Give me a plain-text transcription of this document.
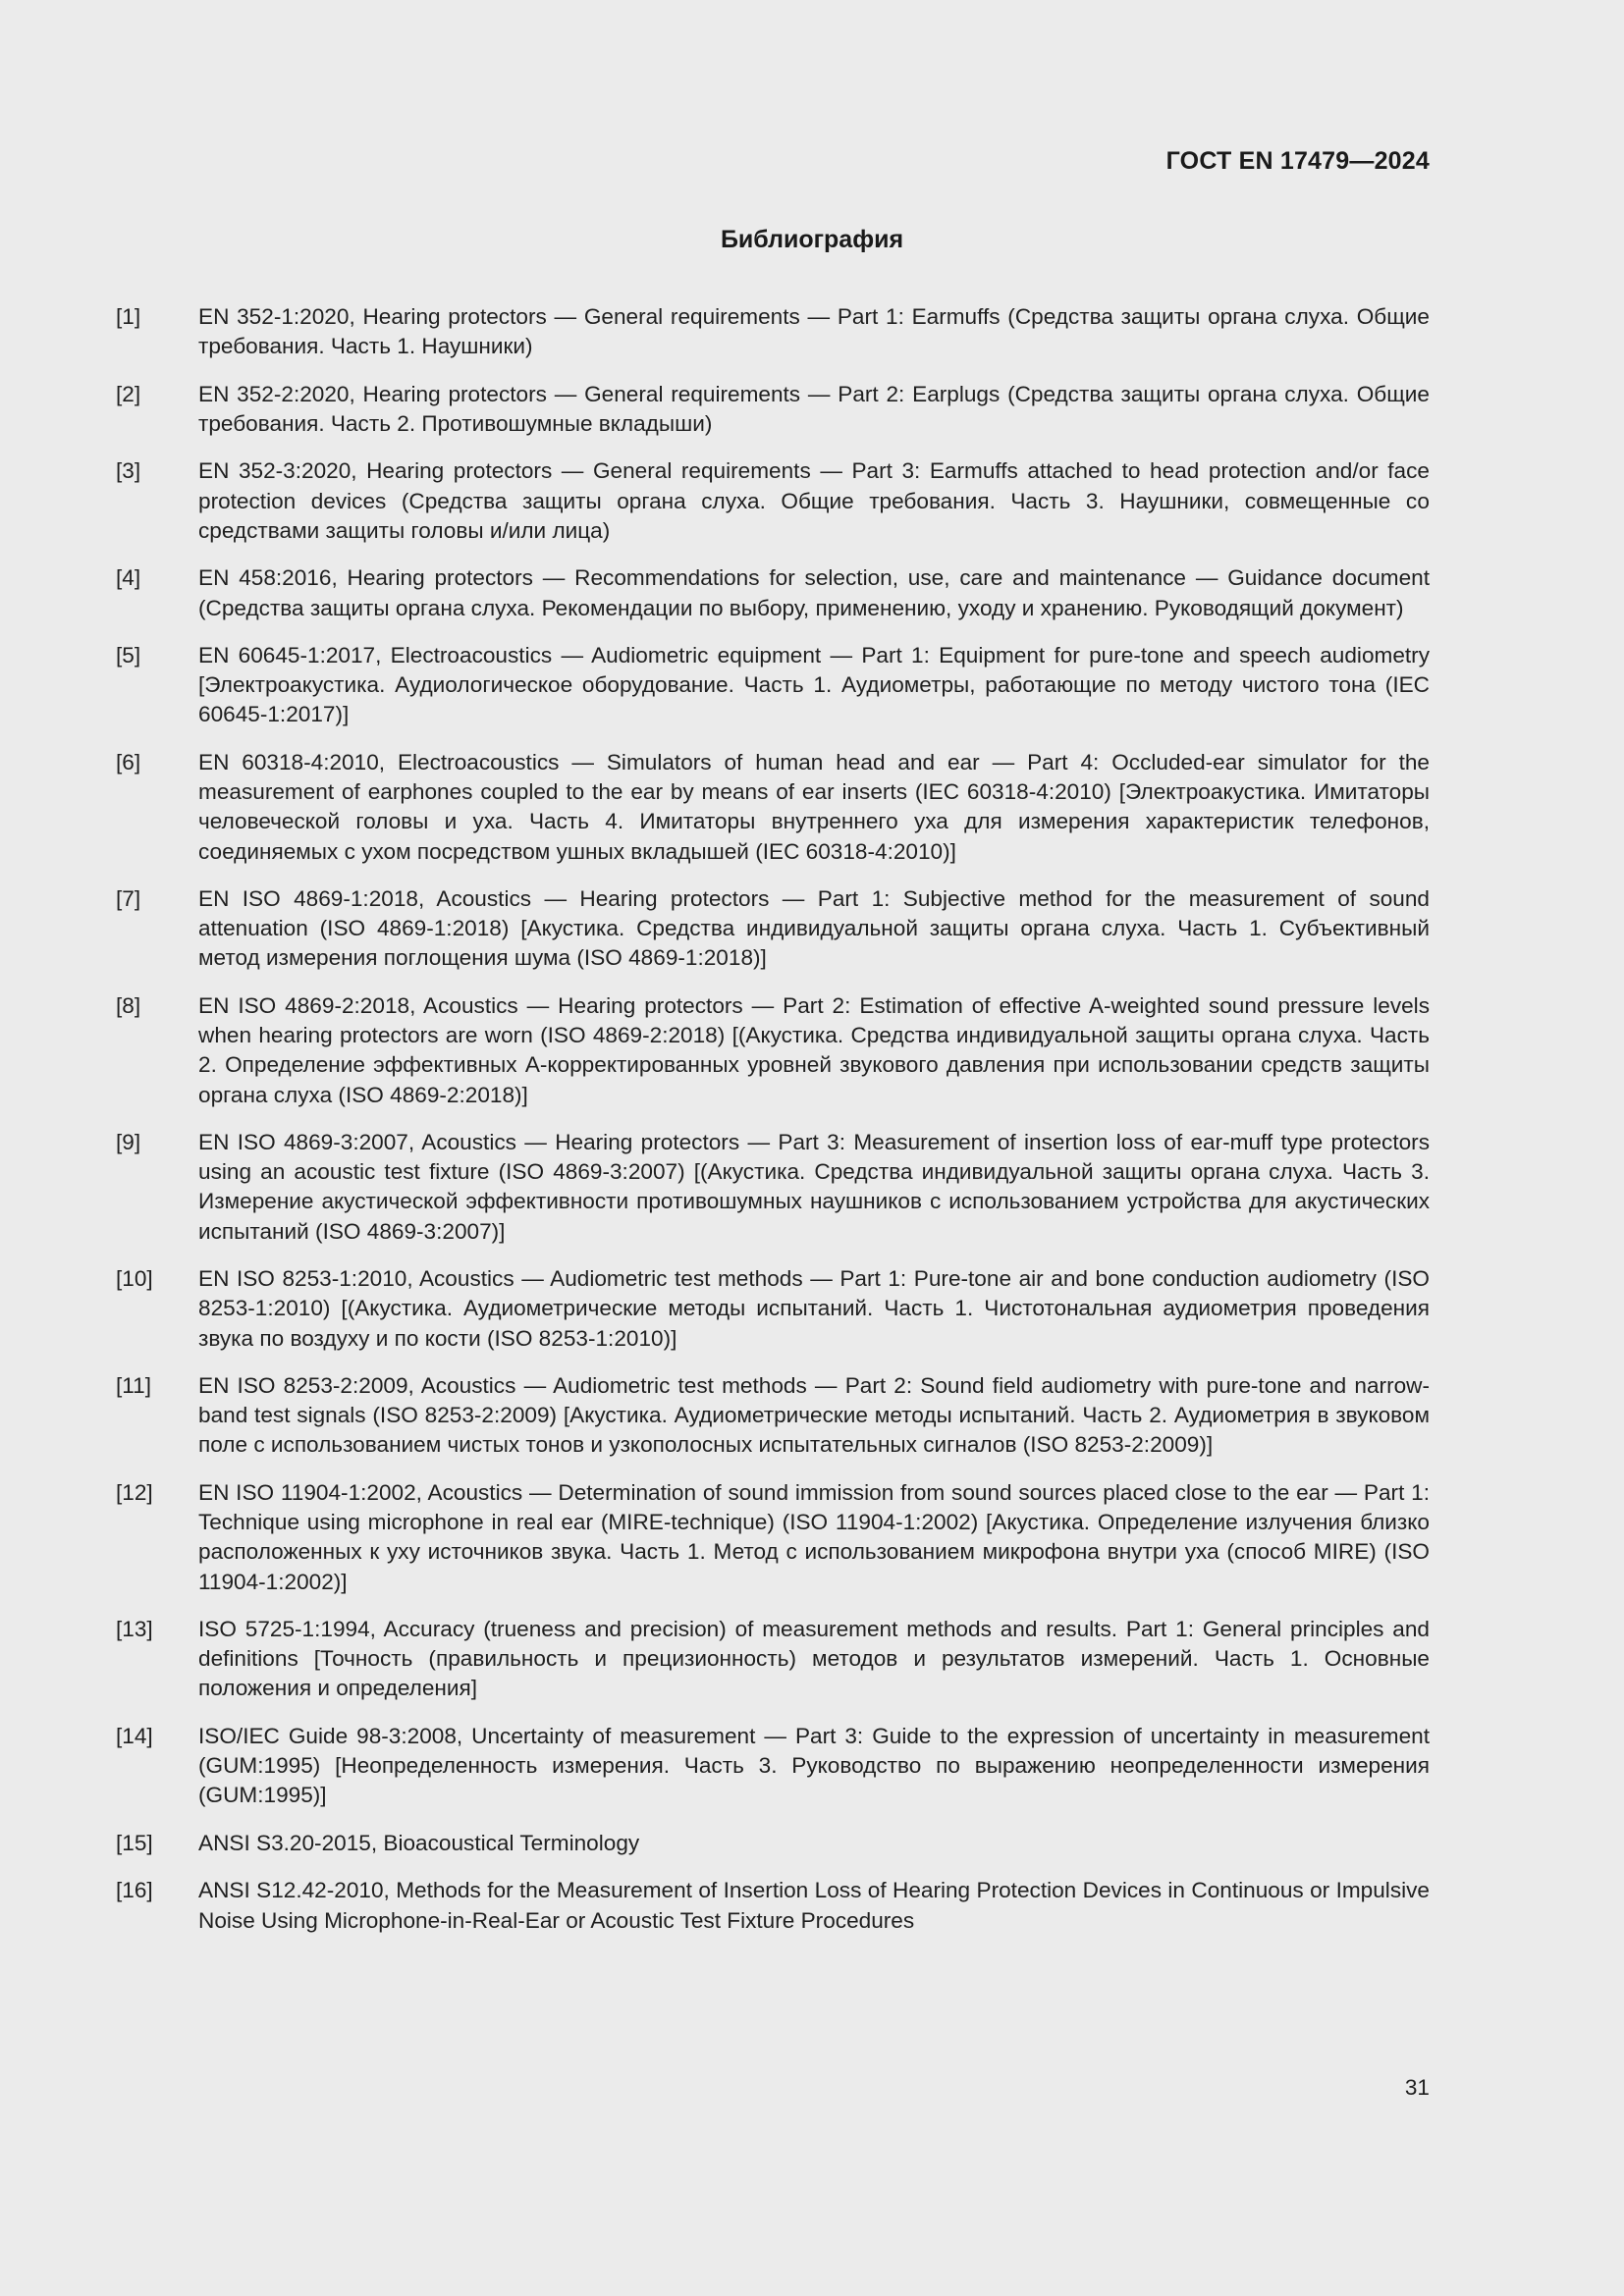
ГОСТ EN 17479—2024
Библиография
[1]	EN 352-1:2020, Hearing protectors — General requirements — Part 1: Earmuffs (Средства защиты органа слуха. Общие требования. Часть 1. Наушники)
[2]	EN 352-2:2020, Hearing protectors — General requirements — Part 2: Earplugs (Средства защиты органа слуха. Общие требования. Часть 2. Противошумные вкладыши)
[3]	EN 352-3:2020, Hearing protectors — General requirements — Part 3: Earmuffs attached to head protection and/or face protection devices (Средства защиты органа слуха. Общие требования. Часть 3. Наушники, совмещенные со средствами защиты головы и/или лица)
[4]	EN 458:2016, Hearing protectors — Recommendations for selection, use, care and maintenance — Guidance document (Средства защиты органа слуха. Рекомендации по выбору, применению, уходу и хранению. Руководящий документ)
[5]	EN 60645-1:2017, Electroacoustics — Audiometric equipment — Part 1: Equipment for pure-tone and speech audiometry [Электроакустика. Аудиологическое оборудование. Часть 1. Аудиометры, работающие по методу чистого тона (IEC 60645-1:2017)]
[6]	EN 60318-4:2010, Electroacoustics — Simulators of human head and ear — Part 4: Occluded-ear simulator for the measurement of earphones coupled to the ear by means of ear inserts (IEC 60318-4:2010) [Электроакустика. Имитаторы человеческой головы и уха. Часть 4. Имитаторы внутреннего уха для измерения характеристик телефонов, соединяемых с ухом посредством ушных вкладышей (IEC 60318-4:2010)]
[7]	EN ISO 4869-1:2018, Acoustics — Hearing protectors — Part 1: Subjective method for the measurement of sound attenuation (ISO 4869-1:2018) [Акустика. Средства индивидуальной защиты органа слуха. Часть 1. Субъективный метод измерения поглощения шума (ISO 4869-1:2018)]
[8]	EN ISO 4869-2:2018, Acoustics — Hearing protectors — Part 2: Estimation of effective A-weighted sound pressure levels when hearing protectors are worn (ISO 4869-2:2018) [(Акустика. Средства индивидуальной защиты органа слуха. Часть 2. Определение эффективных А-корректированных уровней звукового давления при использовании средств защиты органа слуха (ISO 4869-2:2018)]
[9]	EN ISO 4869-3:2007, Acoustics — Hearing protectors — Part 3: Measurement of insertion loss of ear-muff type protectors using an acoustic test fixture (ISO 4869-3:2007) [(Акустика. Средства индивидуальной защиты органа слуха. Часть 3. Измерение акустической эффективности противошумных наушников с использованием устройства для акустических испытаний (ISO 4869-3:2007)]
[10]	EN ISO 8253-1:2010, Acoustics — Audiometric test methods — Part 1: Pure-tone air and bone conduction audiometry (ISO 8253-1:2010) [(Акустика. Аудиометрические методы испытаний. Часть 1. Чистотональная аудиометрия проведения звука по воздуху и по кости (ISO 8253-1:2010)]
[11]	EN ISO 8253-2:2009, Acoustics — Audiometric test methods — Part 2: Sound field audiometry with pure-tone and narrow-band test signals (ISO 8253-2:2009) [Акустика. Аудиометрические методы испытаний. Часть 2. Аудиометрия в звуковом поле с использованием чистых тонов и узкополосных испытательных сигналов (ISO 8253-2:2009)]
[12]	EN ISO 11904-1:2002, Acoustics — Determination of sound immission from sound sources placed close to the ear — Part 1: Technique using microphone in real ear (MIRE-technique) (ISO 11904-1:2002) [Акустика. Определение излучения близко расположенных к уху источников звука. Часть 1. Метод с использованием микрофона внутри уха (способ MIRE) (ISO 11904-1:2002)]
[13]	ISO 5725-1:1994, Accuracy (trueness and precision) of measurement methods and results. Part 1: General principles and definitions [Точность (правильность и прецизионность) методов и результатов измерений. Часть 1. Основные положения и определения]
[14]	ISO/IEC Guide 98-3:2008, Uncertainty of measurement — Part 3: Guide to the expression of uncertainty in measurement (GUM:1995) [Неопределенность измерения. Часть 3. Руководство по выражению неопределенности измерения (GUM:1995)]
[15]	ANSI S3.20-2015, Bioacoustical Terminology
[16]	ANSI S12.42-2010, Methods for the Measurement of Insertion Loss of Hearing Protection Devices in Continuous or Impulsive Noise Using Microphone-in-Real-Ear or Acoustic Test Fixture Procedures
31
